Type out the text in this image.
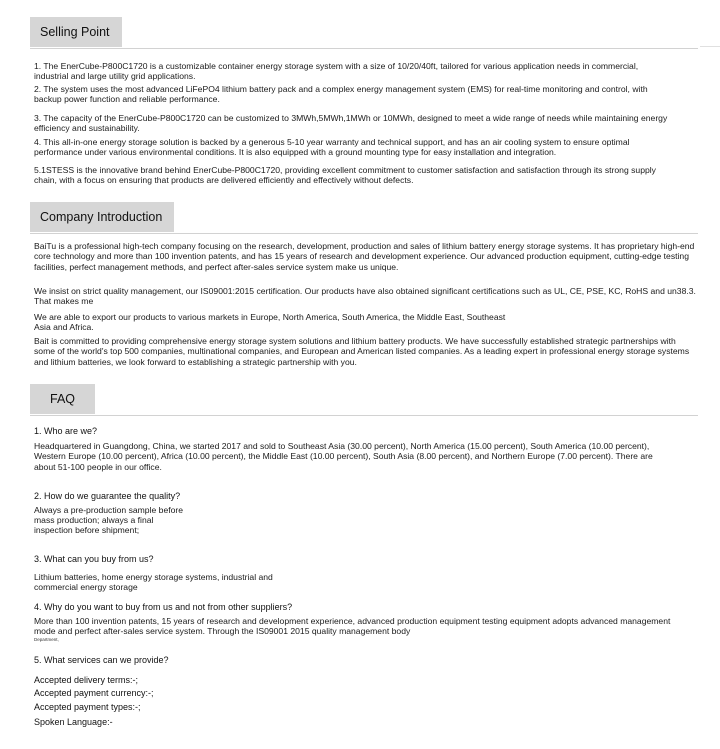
Selling Point
1. The EnerCube-P800C1720 is a customizable container energy storage system with a size of 10/20/40ft, tailored for various application needs in commercial, industrial and large utility grid applications.
2. The system uses the most advanced LiFePO4 lithium battery pack and a complex energy management system (EMS) for real-time monitoring and control, with backup power function and reliable performance.
3. The capacity of the EnerCube-P800C1720 can be customized to 3MWh,5MWh,1MWh or 10MWh, designed to meet a wide range of needs while maintaining energy efficiency and sustainability.
4. This all-in-one energy storage solution is backed by a generous 5-10 year warranty and technical support, and has an air cooling system to ensure optimal performance under various environmental conditions. It is also equipped with a ground mounting type for easy installation and integration.
5.1STESS is the innovative brand behind EnerCube-P800C1720, providing excellent commitment to customer satisfaction and satisfaction through its strong supply chain, with a focus on ensuring that products are delivered efficiently and effectively without defects.
Company Introduction
BaiTu is a professional high-tech company focusing on the research, development, production and sales of lithium battery energy storage systems. It has proprietary high-end core technology and more than 100 invention patents, and has 15 years of research and development experience. Our advanced production equipment, cutting-edge testing facilities, perfect management methods, and perfect after-sales service system make us unique.
We insist on strict quality management, our IS09001:2015 certification. Our products have also obtained significant certifications such as UL, CE, PSE, KC, RoHS and un38.3. That makes me
We are able to export our products to various markets in Europe, North America, South America, the Middle East, Southeast
Asia and Africa.
Bait is committed to providing comprehensive energy storage system solutions and lithium battery products. We have successfully established strategic partnerships with some of the world's top 500 companies, multinational companies, and European and American listed companies. As a leading expert in professional energy storage systems and lithium batteries, we look forward to establishing a strategic partnership with you.
FAQ
1. Who are we?
Headquartered in Guangdong, China, we started 2017 and sold to Southeast Asia (30.00 percent), North America (15.00 percent), South America (10.00 percent), Western Europe (10.00 percent), Africa (10.00 percent), the Middle East (10.00 percent), South Asia (8.00 percent), and Northern Europe (7.00 percent). There are about 51-100 people in our office.
2. How do we guarantee the quality?
Always a pre-production sample before
mass production; always a final
inspection before shipment;
3. What can you buy from us?
Lithium batteries, home energy storage systems, industrial and
commercial energy storage
4. Why do you want to buy from us and not from other suppliers?
More than 100 invention patents, 15 years of research and development experience, advanced production equipment testing equipment adopts advanced management mode and perfect after-sales service system. Through the IS09001 2015 quality management body
Department,
5. What services can we provide?
Accepted delivery terms:-;
Accepted payment currency:-;
Accepted payment types:-;
Spoken Language:-
